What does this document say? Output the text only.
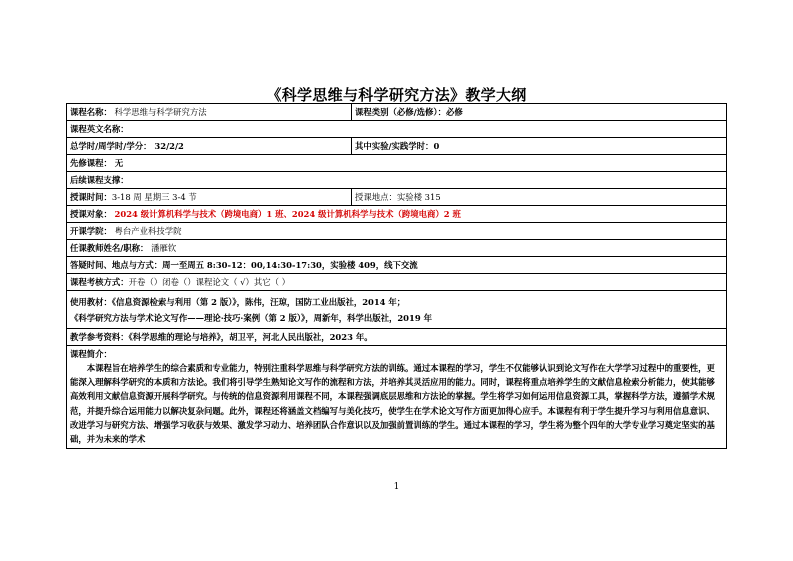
《科学思维与科学研究方法》教学大纲
课程名称： 科学思维与科学研究方法	课程类别（必修/选修）：必修
课程英文名称：	
总学时/周学时/学分： 32/2/2	其中实验/实践学时：0
先修课程： 无	
后续课程支撑：	
授课时间：3-18 周 星期三 3-4 节	授课地点：实验楼 315
授课对象： 2024 级计算机科学与技术（跨境电商）1 班、2024 级计算机科学与技术（跨境电商）2 班	
开课学院： 粤台产业科技学院	
任课教师姓名/职称： 潘雁钦	
答疑时间、地点与方式：周一至周五 8:30-12：00,14:30-17:30，实验楼 409，线下交流	
课程考核方式：开卷（）闭卷（）课程论文（ √）其它（ ）	

使用教材：《信息资源检索与利用（第 2 版）》，陈伟，汪琼，国防工业出版社，2014 年；
《科学研究方法与学术论文写作——理论·技巧·案例（第 2 版）》，周新年，科学出版社，2019 年	

教学参考资料：《科学思维的理论与培养》，胡卫平，河北人民出版社，2023 年。	

课程简介：
本课程旨在培养学生的综合素质和专业能力，特别注重科学思维与科学研究方法的训练。通过本课程的学习，学生不仅能够认识到论文写作在大学学习过程中的重要性，更能深入理解科学研究的本质和方法论。我们将引导学生熟知论文写作的流程和方法，并培养其灵活应用的能力。同时，课程将重点培养学生的文献信息检索分析能力，使其能够高效利用文献信息资源开展科学研究。与传统的信息资源利用课程不同，本课程强调底层思维和方法论的掌握。学生将学习如何运用信息资源工具，掌握科学方法，遵循学术规范，并提升综合运用能力以解决复杂问题。此外，课程还将涵盖文档编写与美化技巧，使学生在学术论文写作方面更加得心应手。本课程有利于学生提升学习与利用信息意识、改进学习与研究方法、增强学习收获与效果、激发学习动力、培养团队合作意识以及加强前置训练的学生。通过本课程的学习，学生将为整个四年的大学专业学习奠定坚实的基础，并为未来的学术	
1
